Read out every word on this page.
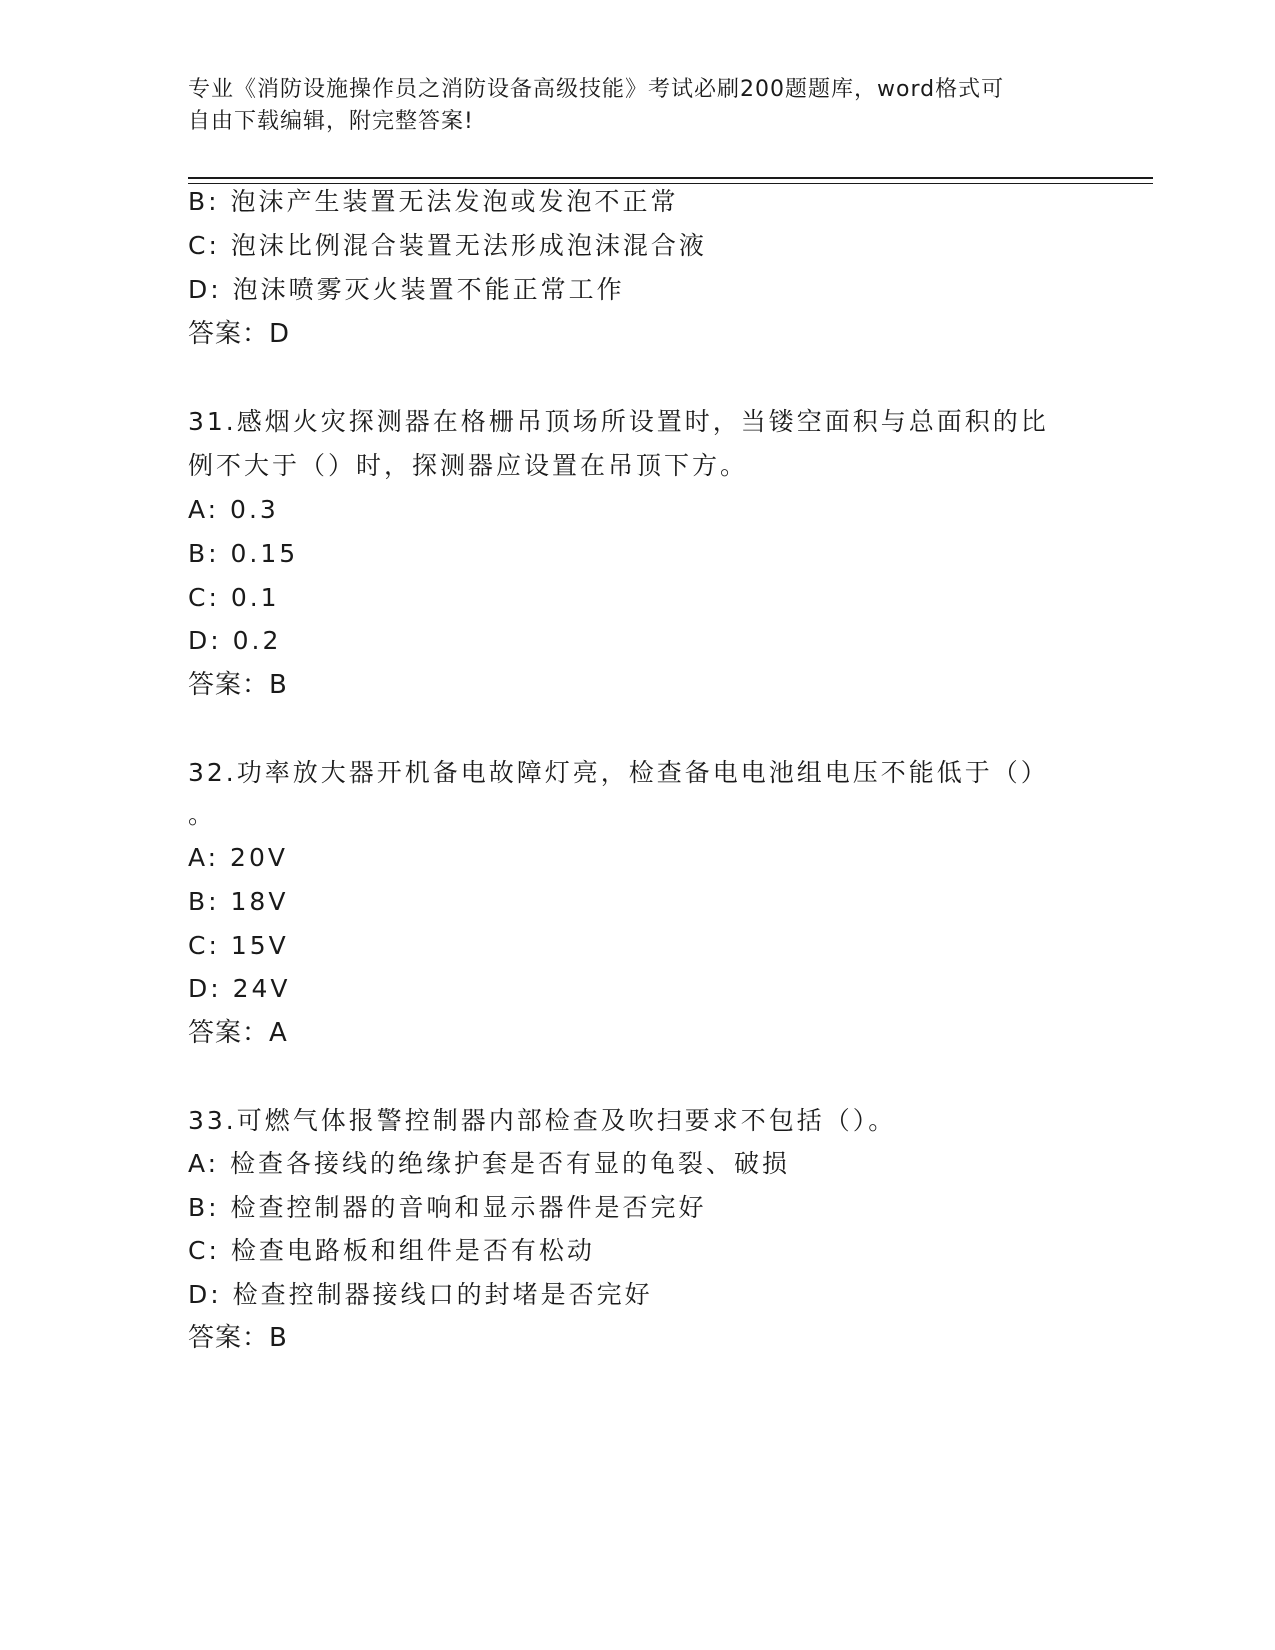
专业《消防设施操作员之消防设备高级技能》考试必刷200题题库，word格式可
自由下载编辑，附完整答案!
B: 泡沫产生装置无法发泡或发泡不正常
C: 泡沫比例混合装置无法形成泡沫混合液
D: 泡沫喷雾灭火装置不能正常工作
答案：D
31.感烟火灾探测器在格栅吊顶场所设置时，当镂空面积与总面积的比
例不大于（）时，探测器应设置在吊顶下方。
A: 0.3
B: 0.15
C: 0.1
D: 0.2
答案：B
32.功率放大器开机备电故障灯亮，检查备电电池组电压不能低于（）
。
A: 20V
B: 18V
C: 15V
D: 24V
答案：A
33.可燃气体报警控制器内部检查及吹扫要求不包括（）。
A: 检查各接线的绝缘护套是否有显的龟裂、破损
B: 检查控制器的音响和显示器件是否完好
C: 检查电路板和组件是否有松动
D: 检查控制器接线口的封堵是否完好
答案：B
